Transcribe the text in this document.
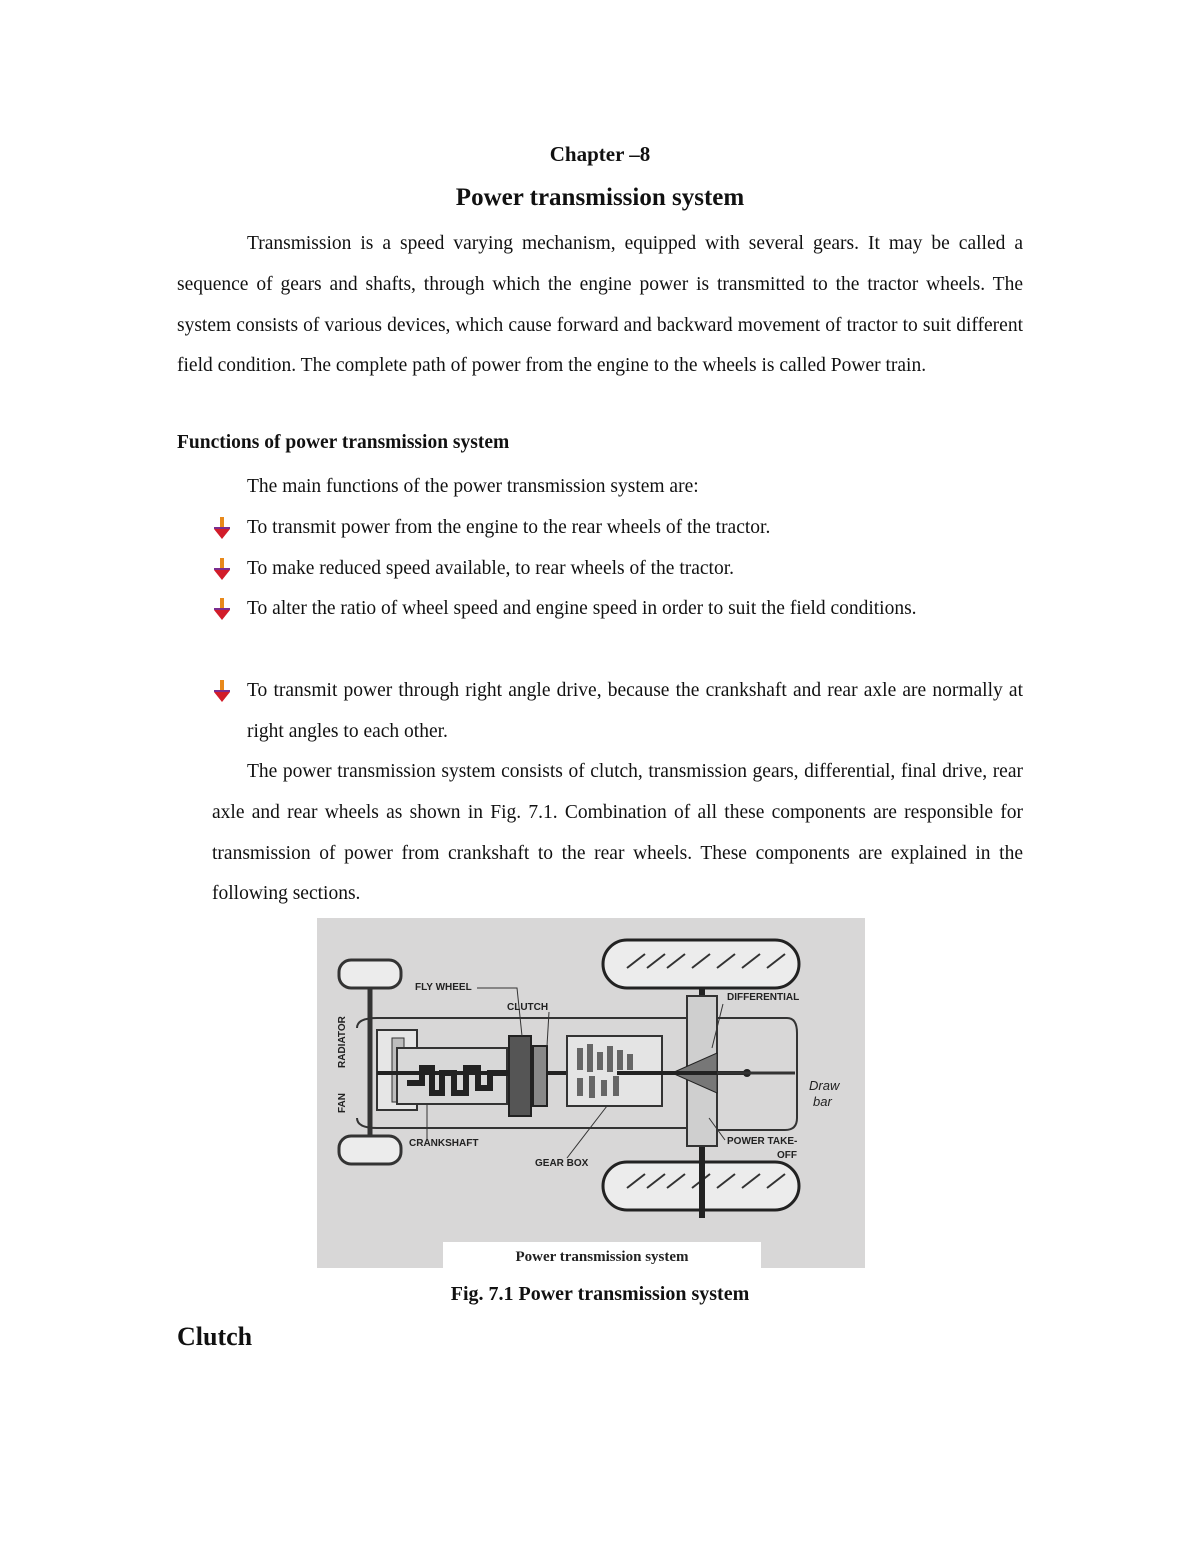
Chapter –8
Power transmission system
Transmission is a speed varying mechanism, equipped with several gears. It may be called a sequence of gears and shafts, through which the engine power is transmitted to the tractor wheels. The system consists of various devices, which cause forward and backward movement of tractor to suit different field condition. The complete path of power from the engine to the wheels is called Power train.
Functions of power transmission system
The main functions of the power transmission system are:
To transmit power from the engine to the rear wheels of the tractor.
To make reduced speed available, to rear wheels of the tractor.
To alter the ratio of wheel speed and engine speed in order to suit the field conditions.
To transmit power through right angle drive, because the crankshaft and rear axle are normally at right angles to each other.
The power transmission system consists of clutch, transmission gears, differential, final drive, rear axle and rear wheels as shown in Fig. 7.1. Combination of all these components are responsible for transmission of power from crankshaft to the rear wheels. These components are explained in the following sections.
RADIATOR
FAN
FLY WHEEL
CLUTCH
DIFFERENTIAL
CRANKSHAFT
GEAR BOX
POWER TAKE-
OFF
Draw
bar
Power transmission system
Fig. 7.1 Power transmission system
Clutch
